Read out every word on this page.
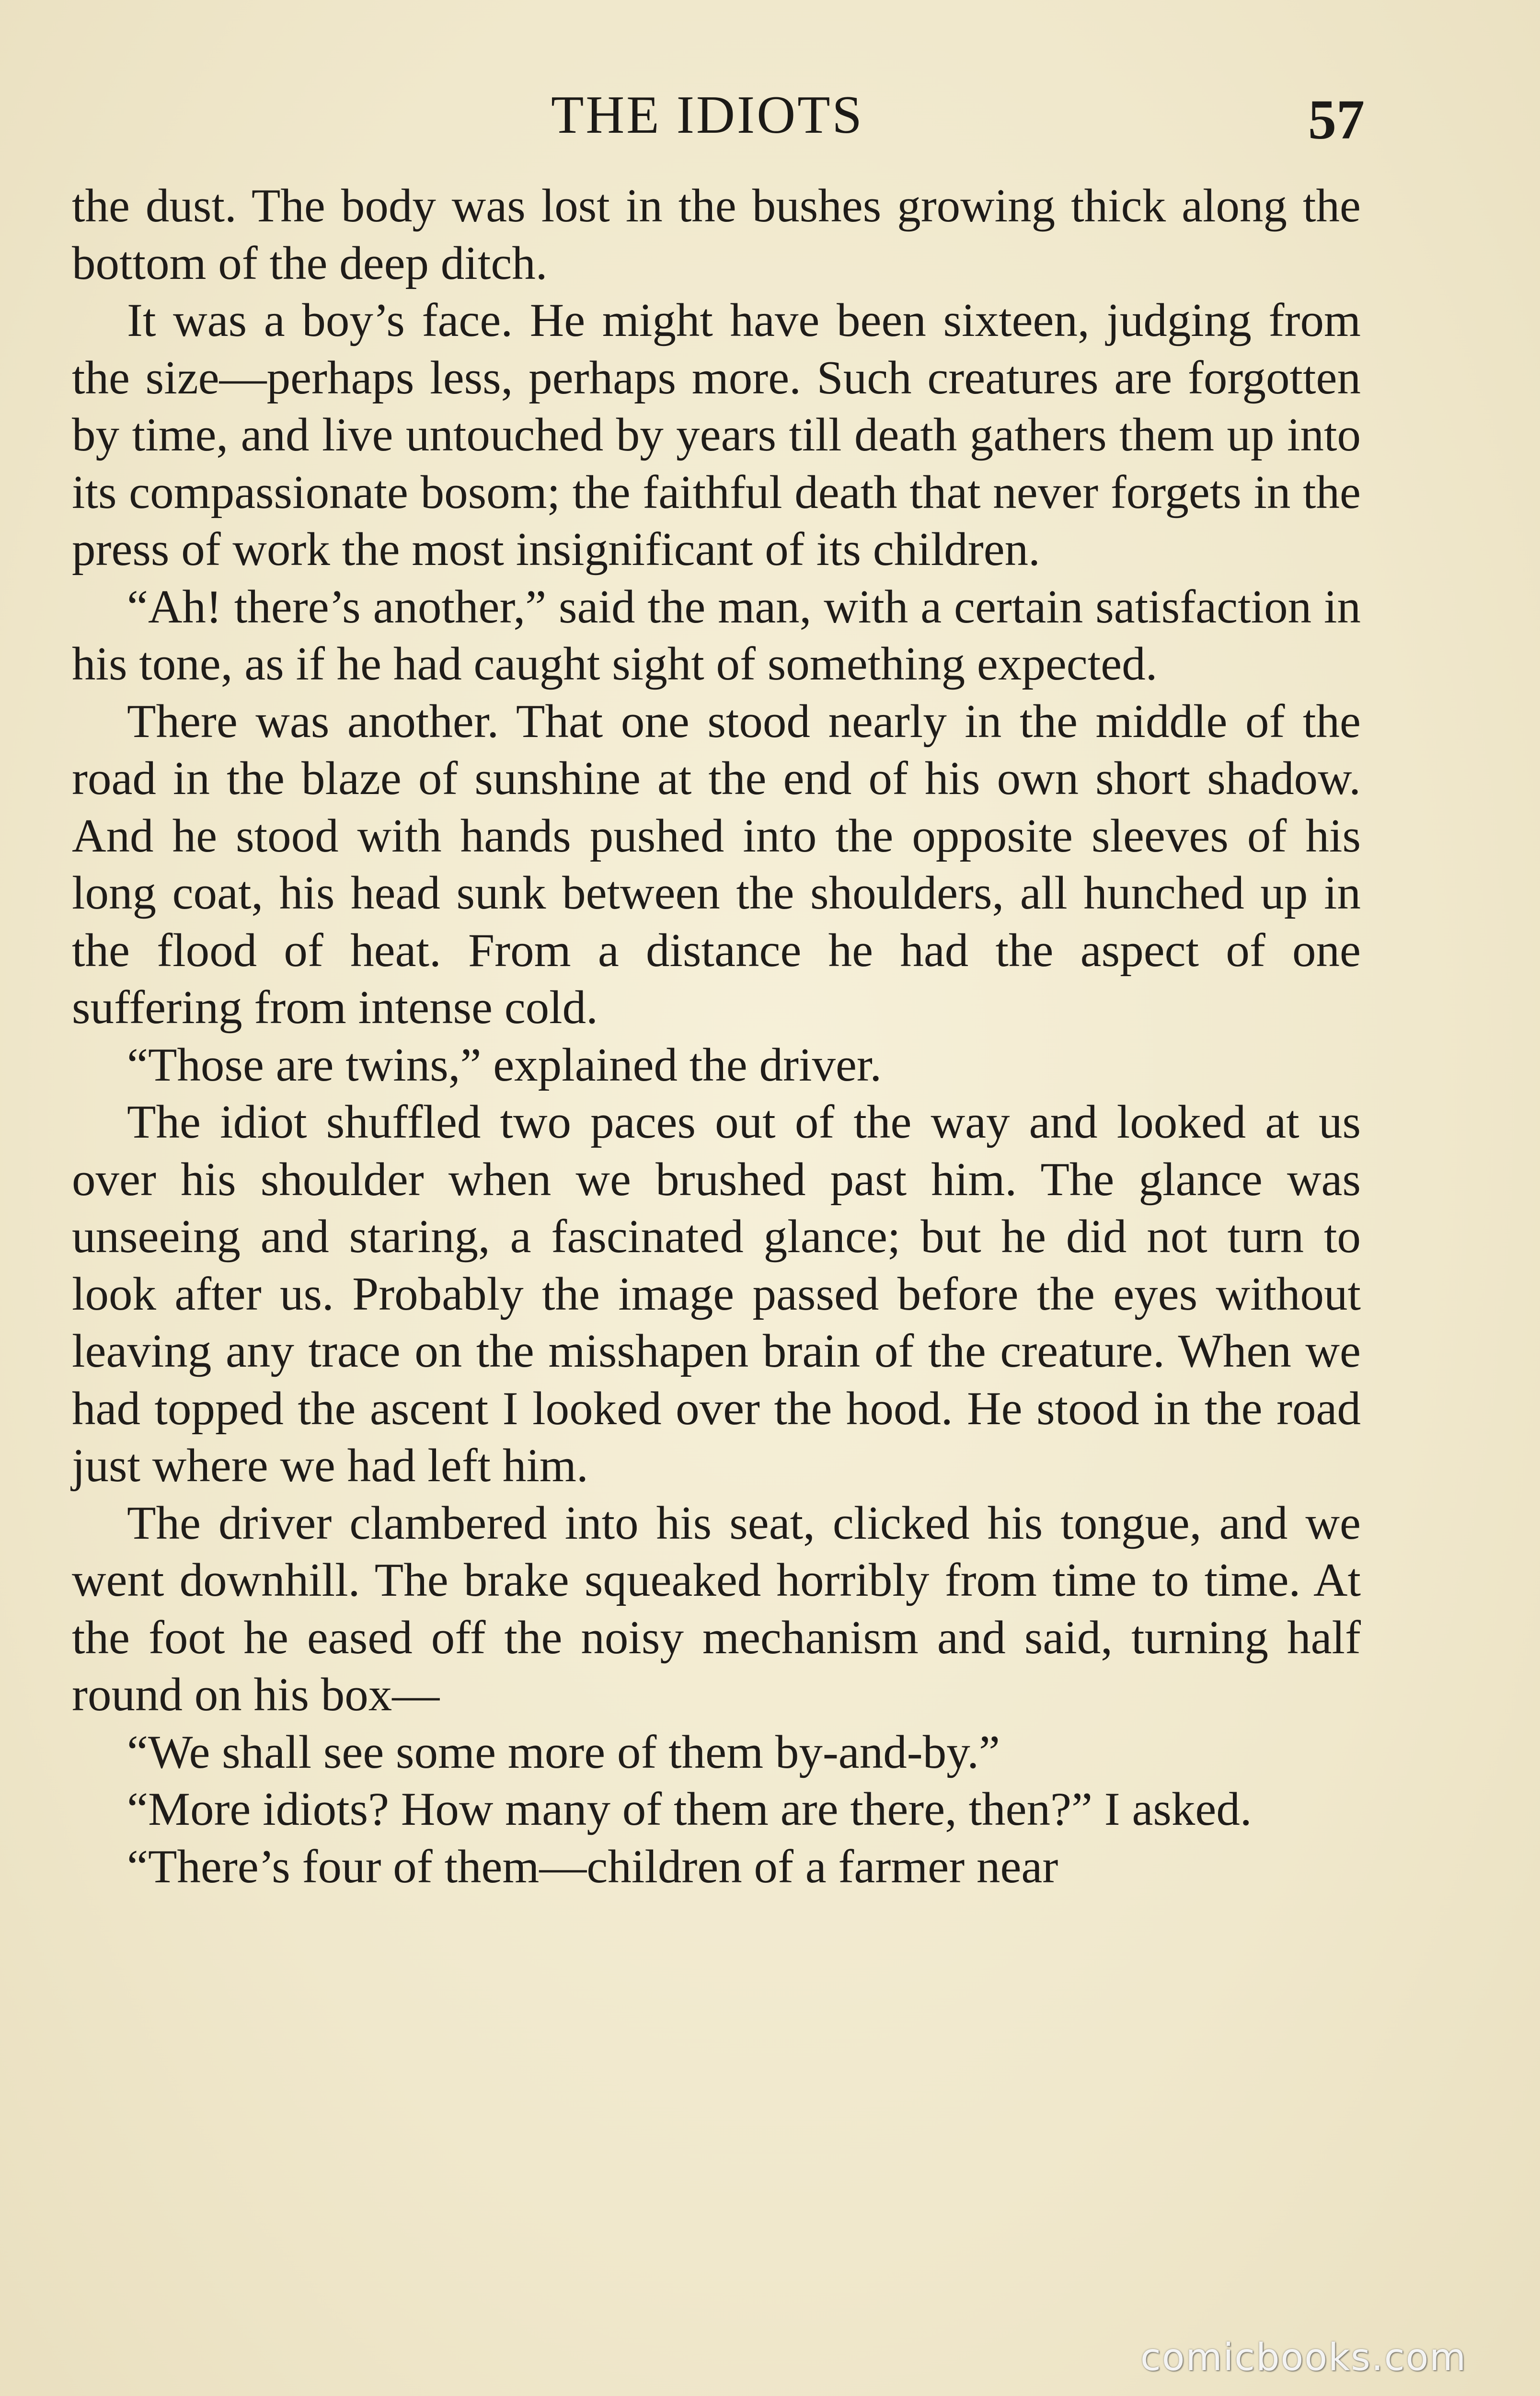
THE IDIOTS	57

the dust. The body was lost in the bushes growing thick along the bottom of the deep ditch.

It was a boy’s face. He might have been sixteen, judging from the size—perhaps less, perhaps more. Such creatures are forgotten by time, and live untouched by years till death gathers them up into its compassionate bosom; the faithful death that never forgets in the press of work the most insignificant of its children.

“Ah! there’s another,” said the man, with a certain satisfaction in his tone, as if he had caught sight of something expected.

There was another. That one stood nearly in the middle of the road in the blaze of sunshine at the end of his own short shadow. And he stood with hands pushed into the opposite sleeves of his long coat, his head sunk between the shoulders, all hunched up in the flood of heat. From a distance he had the aspect of one suffering from intense cold.

“Those are twins,” explained the driver.

The idiot shuffled two paces out of the way and looked at us over his shoulder when we brushed past him. The glance was unseeing and staring, a fascinated glance; but he did not turn to look after us. Probably the image passed before the eyes without leaving any trace on the misshapen brain of the creature. When we had topped the ascent I looked over the hood. He stood in the road just where we had left him.

The driver clambered into his seat, clicked his tongue, and we went downhill. The brake squeaked horribly from time to time. At the foot he eased off the noisy mechanism and said, turning half round on his box—

“We shall see some more of them by-and-by.”

“More idiots? How many of them are there, then?” I asked.

“There’s four of them—children of a farmer near

comicbooks.com
